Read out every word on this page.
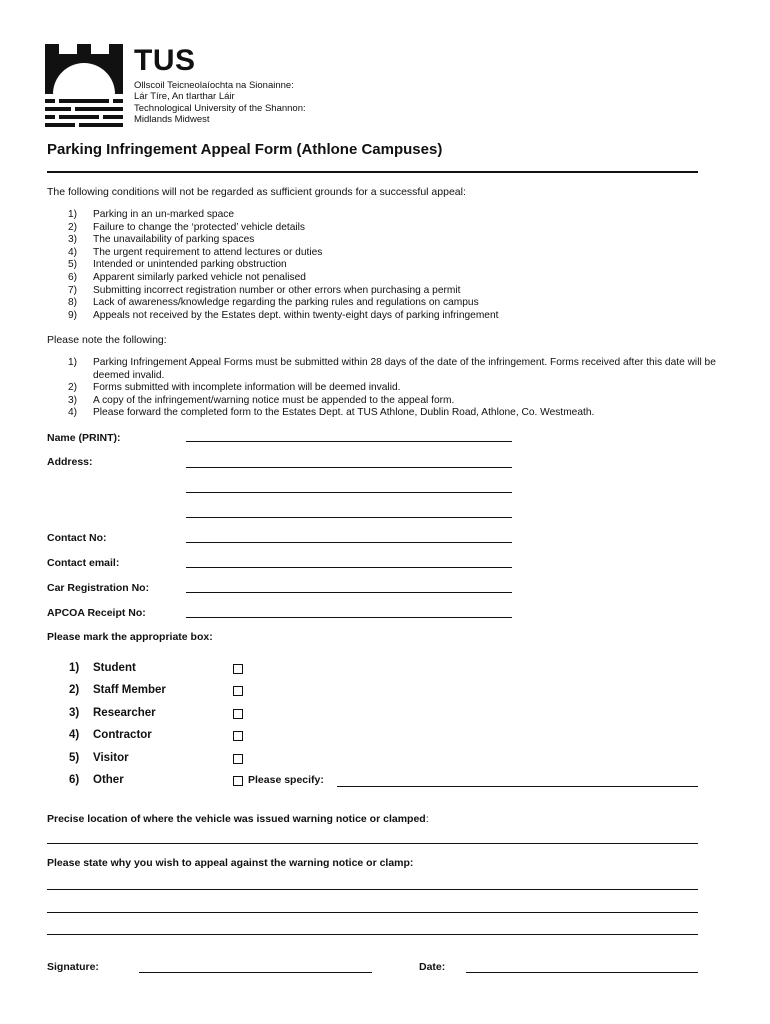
TUS
Ollscoil Teicneolaíochta na Sionainne:
Lár Tíre, An tIarthar Láir
Technological University of the Shannon:
Midlands Midwest
Parking Infringement Appeal Form (Athlone Campuses)
The following conditions will not be regarded as sufficient grounds for a successful appeal:
1)	Parking in an un-marked space
2)	Failure to change the ‘protected’ vehicle details
3)	The unavailability of parking spaces
4)	The urgent requirement to attend lectures or duties
5)	Intended or unintended parking obstruction
6)	Apparent similarly parked vehicle not penalised
7)	Submitting incorrect registration number or other errors when purchasing a permit
8)	Lack of awareness/knowledge regarding the parking rules and regulations on campus
9)	Appeals not received by the Estates dept. within twenty-eight days of parking infringement
Please note the following:
1)	Parking Infringement Appeal Forms must be submitted within 28 days of the date of the infringement. Forms received after this date will be deemed invalid.
2)	Forms submitted with incomplete information will be deemed invalid.
3)	A copy of the infringement/warning notice must be appended to the appeal form.
4)	Please forward the completed form to the Estates Dept. at TUS Athlone, Dublin Road, Athlone, Co. Westmeath.
Name (PRINT):
Address:
Contact No:
Contact email:
Car Registration No:
APCOA Receipt No:
Please mark the appropriate box:
1) Student
2) Staff Member
3) Researcher
4) Contractor
5) Visitor
6) Other	Please specify:
Precise location of where the vehicle was issued warning notice or clamped:
Please state why you wish to appeal against the warning notice or clamp:
Signature:	Date:
